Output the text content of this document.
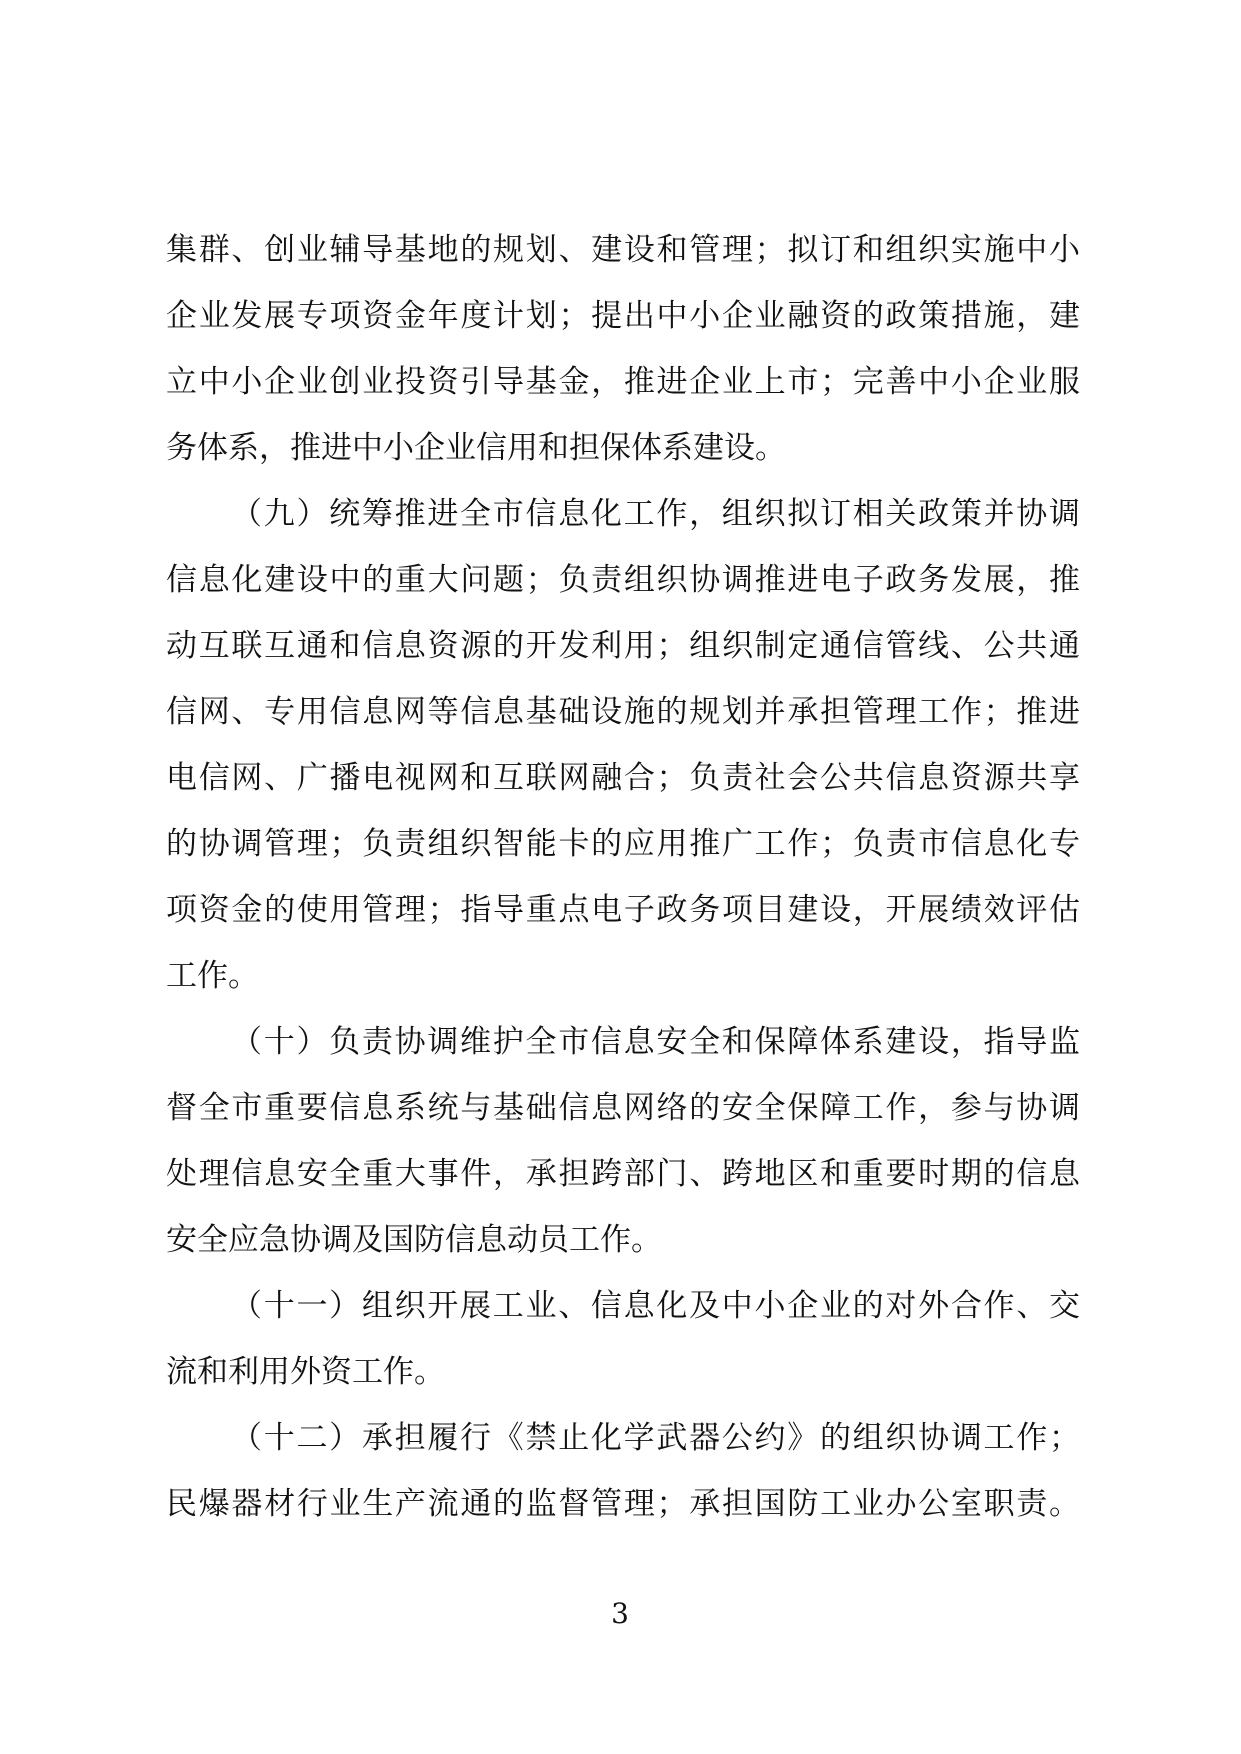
集群、创业辅导基地的规划、建设和管理；拟订和组织实施中小
企业发展专项资金年度计划；提出中小企业融资的政策措施，建
立中小企业创业投资引导基金，推进企业上市；完善中小企业服
务体系，推进中小企业信用和担保体系建设。
（九）统筹推进全市信息化工作，组织拟订相关政策并协调
信息化建设中的重大问题；负责组织协调推进电子政务发展，推
动互联互通和信息资源的开发利用；组织制定通信管线、公共通
信网、专用信息网等信息基础设施的规划并承担管理工作；推进
电信网、广播电视网和互联网融合；负责社会公共信息资源共享
的协调管理；负责组织智能卡的应用推广工作；负责市信息化专
项资金的使用管理；指导重点电子政务项目建设，开展绩效评估
工作。
（十）负责协调维护全市信息安全和保障体系建设，指导监
督全市重要信息系统与基础信息网络的安全保障工作，参与协调
处理信息安全重大事件，承担跨部门、跨地区和重要时期的信息
安全应急协调及国防信息动员工作。
（十一）组织开展工业、信息化及中小企业的对外合作、交
流和利用外资工作。
（十二）承担履行《禁止化学武器公约》的组织协调工作；
民爆器材行业生产流通的监督管理；承担国防工业办公室职责。
3
